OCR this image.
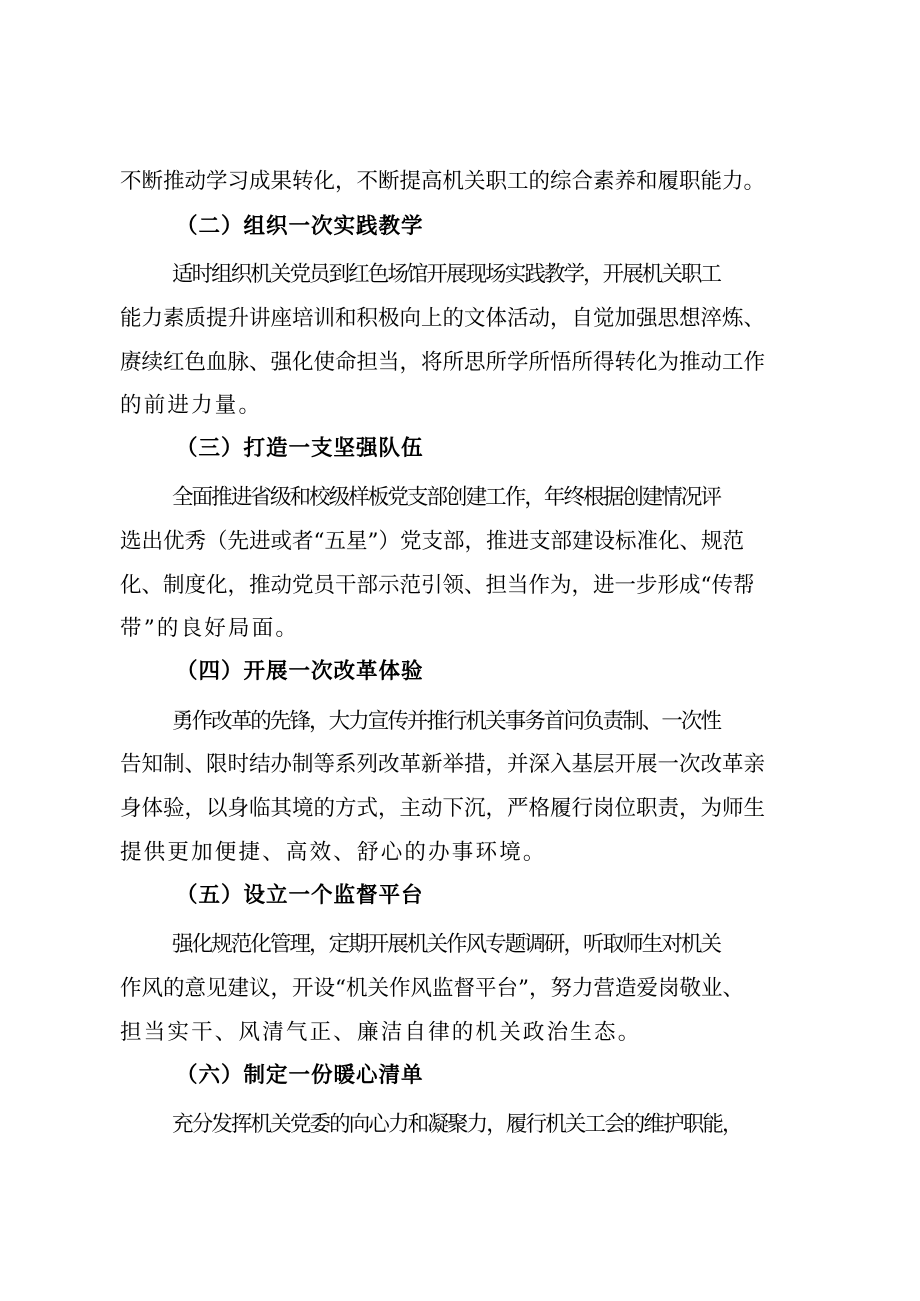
不断推动学习成果转化，不断提高机关职工的综合素养和履职能力。
（二）组织一次实践教学
适时组织机关党员到红色场馆开展现场实践教学，开展机关职工
能力素质提升讲座培训和积极向上的文体活动，自觉加强思想淬炼、
赓续红色血脉、强化使命担当，将所思所学所悟所得转化为推动工作
的前进力量。
（三）打造一支坚强队伍
全面推进省级和校级样板党支部创建工作，年终根据创建情况评
选出优秀（先进或者“五星”）党支部，推进支部建设标准化、规范
化、制度化，推动党员干部示范引领、担当作为，进一步形成“传帮
带”的良好局面。
（四）开展一次改革体验
勇作改革的先锋，大力宣传并推行机关事务首问负责制、一次性
告知制、限时结办制等系列改革新举措，并深入基层开展一次改革亲
身体验，以身临其境的方式，主动下沉，严格履行岗位职责，为师生
提供更加便捷、高效、舒心的办事环境。
（五）设立一个监督平台
强化规范化管理，定期开展机关作风专题调研，听取师生对机关
作风的意见建议，开设“机关作风监督平台”，努力营造爱岗敬业、
担当实干、风清气正、廉洁自律的机关政治生态。
（六）制定一份暖心清单
充分发挥机关党委的向心力和凝聚力，履行机关工会的维护职能，
